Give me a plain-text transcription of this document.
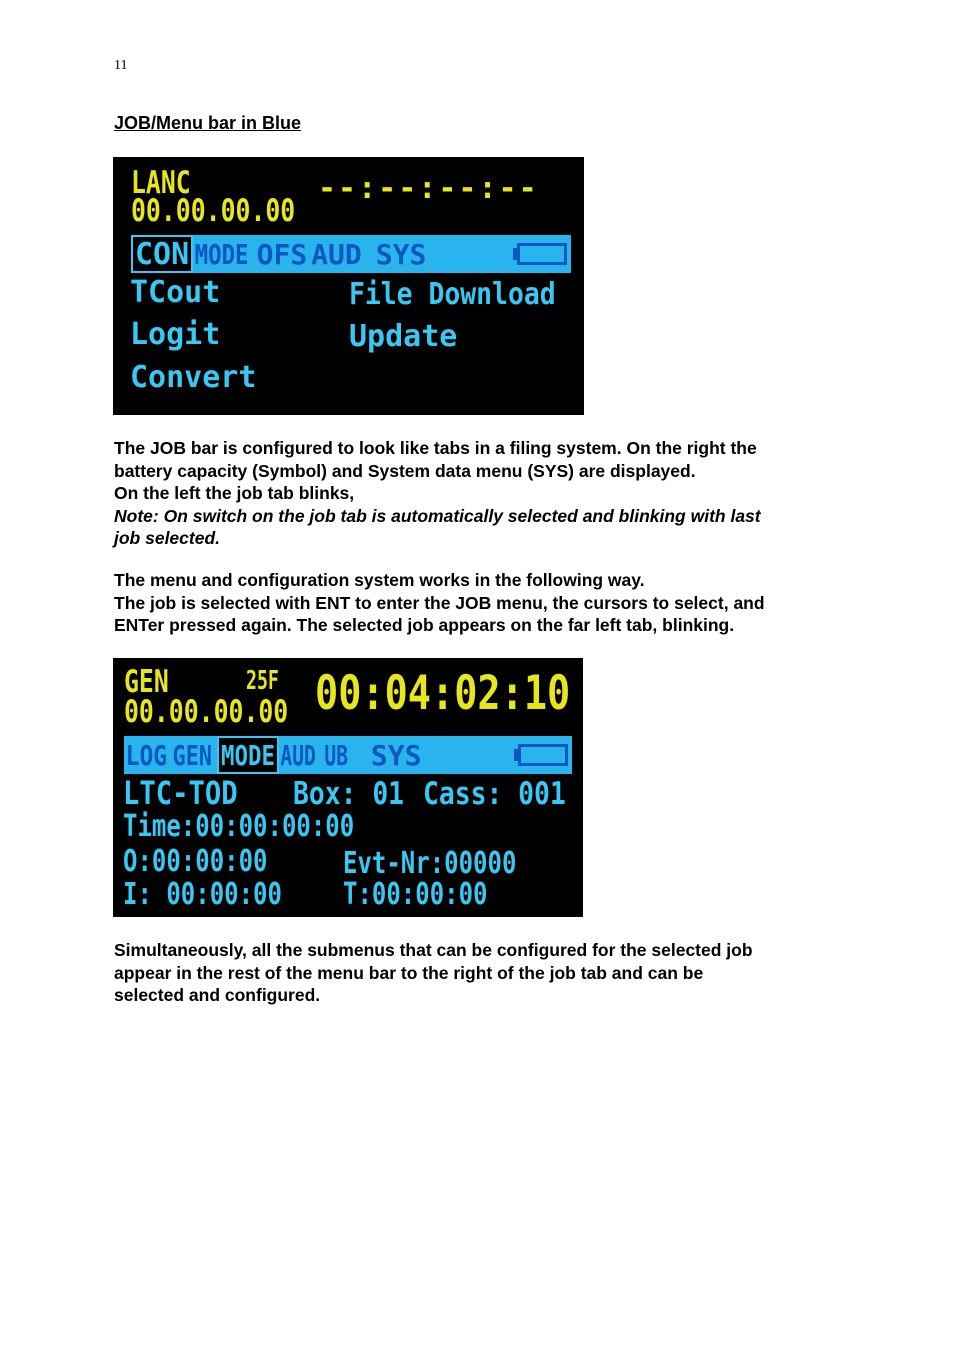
11
JOB/Menu bar in Blue
LANC
00.00.00.00
--:--:--:--
CON MODE OFS AUD SYS
TCout
Logit
Convert
File Download
Update

The JOB bar is configured to look like tabs in a filing system. On the right the
battery capacity (Symbol) and System data menu (SYS) are displayed.
On the left the job tab blinks,
Note: On switch on the job tab is automatically selected and blinking with last
job selected.

The menu and configuration system works in the following way.
The job is selected with ENT to enter the JOB menu, the cursors to select, and
ENTer pressed again. The selected job appears on the far left tab, blinking.

GEN	25F
00.00.00.00 00:04:02:10
LOG GEN MODE AUD UB SYS
LTC-TOD Box: 01 Cass: 001
Time:00:00:00:00
O:00:00:00	Evt-Nr:00000
I: 00:00:00 T:00:00:00

Simultaneously, all the submenus that can be configured for the selected job
appear in the rest of the menu bar to the right of the job tab and can be
selected and configured.
